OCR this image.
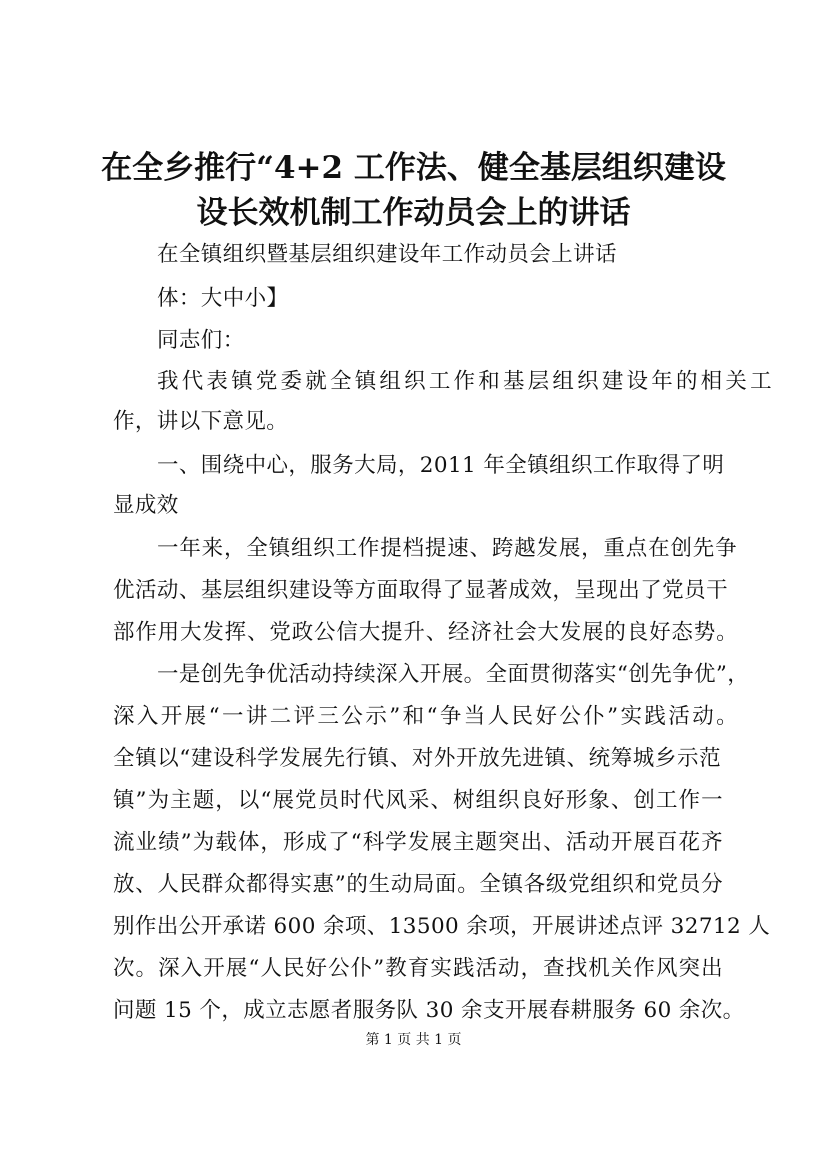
在全乡推行“4+2 工作法、健全基层组织建设
设长效机制工作动员会上的讲话
在全镇组织暨基层组织建设年工作动员会上讲话
体：大中小】
同志们：
我代表镇党委就全镇组织工作和基层组织建设年的相关工
作，讲以下意见。
一、围绕中心，服务大局，2011 年全镇组织工作取得了明
显成效
一年来，全镇组织工作提档提速、跨越发展，重点在创先争
优活动、基层组织建设等方面取得了显著成效，呈现出了党员干
部作用大发挥、党政公信大提升、经济社会大发展的良好态势。
一是创先争优活动持续深入开展。全面贯彻落实“创先争优”，
深入开展“一讲二评三公示”和“争当人民好公仆”实践活动。
全镇以“建设科学发展先行镇、对外开放先进镇、统筹城乡示范
镇”为主题，以“展党员时代风采、树组织良好形象、创工作一
流业绩”为载体，形成了“科学发展主题突出、活动开展百花齐
放、人民群众都得实惠”的生动局面。全镇各级党组织和党员分
别作出公开承诺 600 余项、13500 余项，开展讲述点评 32712 人
次。深入开展“人民好公仆”教育实践活动，查找机关作风突出
问题 15 个，成立志愿者服务队 30 余支开展春耕服务 60 余次。
第 1 页 共 1 页
